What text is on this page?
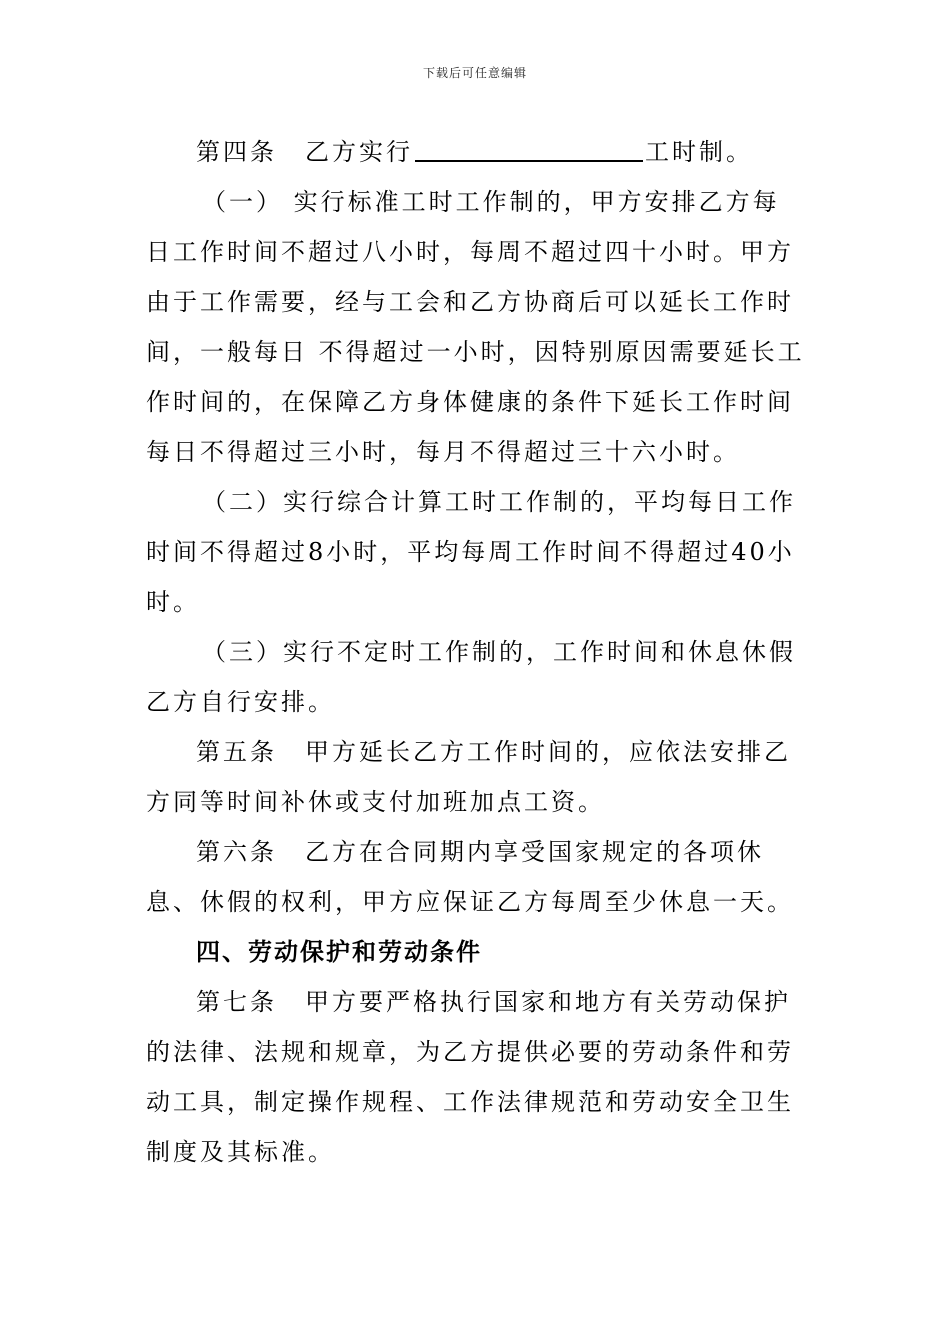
下载后可任意编辑

第四条 乙方实行	工时制。

（一） 实行标准工时工作制的，甲方安排乙方每日工作时间不超过八小时，每周不超过四十小时。甲方由于工作需要，经与工会和乙方协商后可以延长工作时间，一般每日 不得超过一小时，因特别原因需要延长工作时间的，在保障乙方身体健康的条件下延长工作时间每日不得超过三小时，每月不得超过三十六小时。

（二）实行综合计算工时工作制的，平均每日工作时间不得超过8小时，平均每周工作时间不得超过40小时。

（三）实行不定时工作制的，工作时间和休息休假乙方自行安排。

第五条 甲方延长乙方工作时间的，应依法安排乙方同等时间补休或支付加班加点工资。

第六条 乙方在合同期内享受国家规定的各项休息、休假的权利，甲方应保证乙方每周至少休息一天。

四、劳动保护和劳动条件

第七条 甲方要严格执行国家和地方有关劳动保护的法律、法规和规章，为乙方提供必要的劳动条件和劳动工具，制定操作规程、工作法律规范和劳动安全卫生制度及其标准。
